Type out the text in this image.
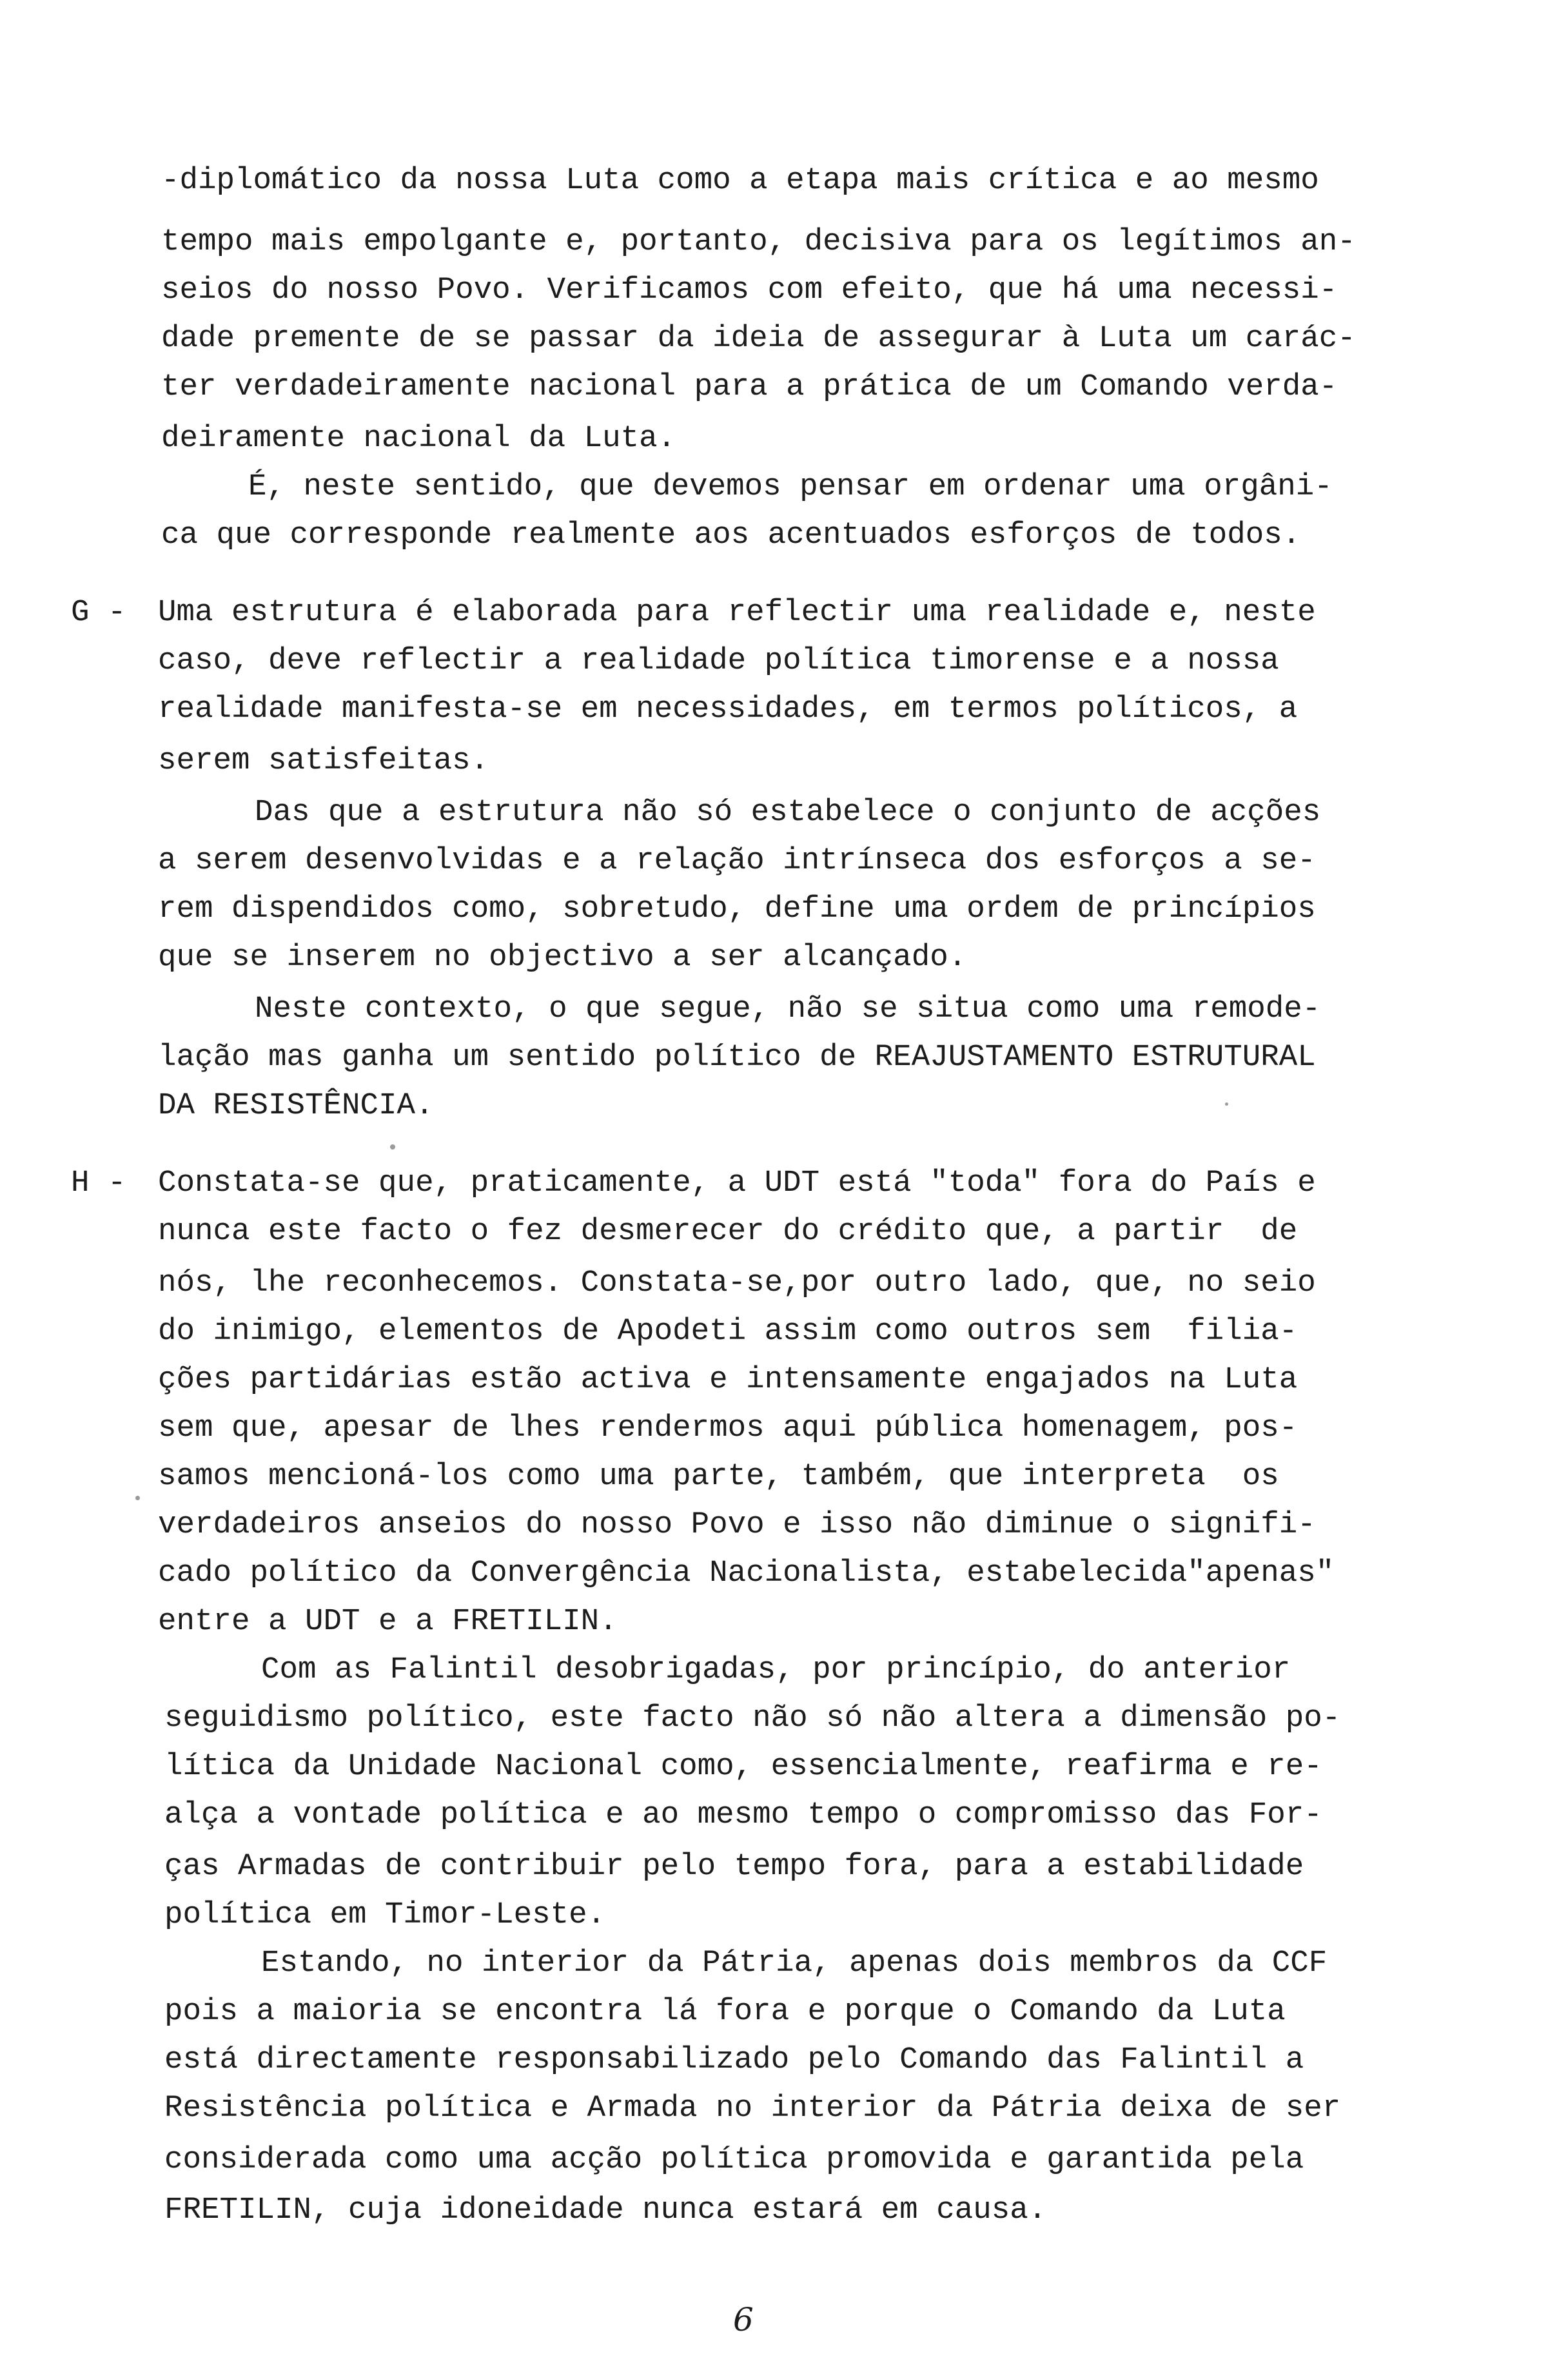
-diplomático da nossa Luta como a etapa mais crítica e ao mesmo
tempo mais empolgante e, portanto, decisiva para os legítimos an-
seios do nosso Povo. Verificamos com efeito, que há uma necessi-
dade premente de se passar da ideia de assegurar à Luta um carác-
ter verdadeiramente nacional para a prática de um Comando verda-
deiramente nacional da Luta.
É, neste sentido, que devemos pensar em ordenar uma orgâni-
ca que corresponde realmente aos acentuados esforços de todos.
G - Uma estrutura é elaborada para reflectir uma realidade e, neste
caso, deve reflectir a realidade política timorense e a nossa
realidade manifesta-se em necessidades, em termos políticos, a
serem satisfeitas.
Das que a estrutura não só estabelece o conjunto de acções
a serem desenvolvidas e a relação intrínseca dos esforços a se-
rem dispendidos como, sobretudo, define uma ordem de princípios
que se inserem no objectivo a ser alcançado.
Neste contexto, o que segue, não se situa como uma remode-
lação mas ganha um sentido político de REAJUSTAMENTO ESTRUTURAL
DA RESISTÊNCIA.
H - Constata-se que, praticamente, a UDT está "toda" fora do País e
nunca este facto o fez desmerecer do crédito que, a partir  de
nós, lhe reconhecemos. Constata-se,por outro lado, que, no seio
do inimigo, elementos de Apodeti assim como outros sem  filia-
ções partidárias estão activa e intensamente engajados na Luta
sem que, apesar de lhes rendermos aqui pública homenagem, pos-
samos mencioná-los como uma parte, também, que interpreta  os
verdadeiros anseios do nosso Povo e isso não diminue o signifi-
cado político da Convergência Nacionalista, estabelecida"apenas"
entre a UDT e a FRETILIN.
Com as Falintil desobrigadas, por princípio, do anterior
seguidismo político, este facto não só não altera a dimensão po-
lítica da Unidade Nacional como, essencialmente, reafirma e re-
alça a vontade política e ao mesmo tempo o compromisso das For-
ças Armadas de contribuir pelo tempo fora, para a estabilidade
política em Timor-Leste.
Estando, no interior da Pátria, apenas dois membros da CCF
pois a maioria se encontra lá fora e porque o Comando da Luta
está directamente responsabilizado pelo Comando das Falintil a
Resistência política e Armada no interior da Pátria deixa de ser
considerada como uma acção política promovida e garantida pela
FRETILIN, cuja idoneidade nunca estará em causa.
6
